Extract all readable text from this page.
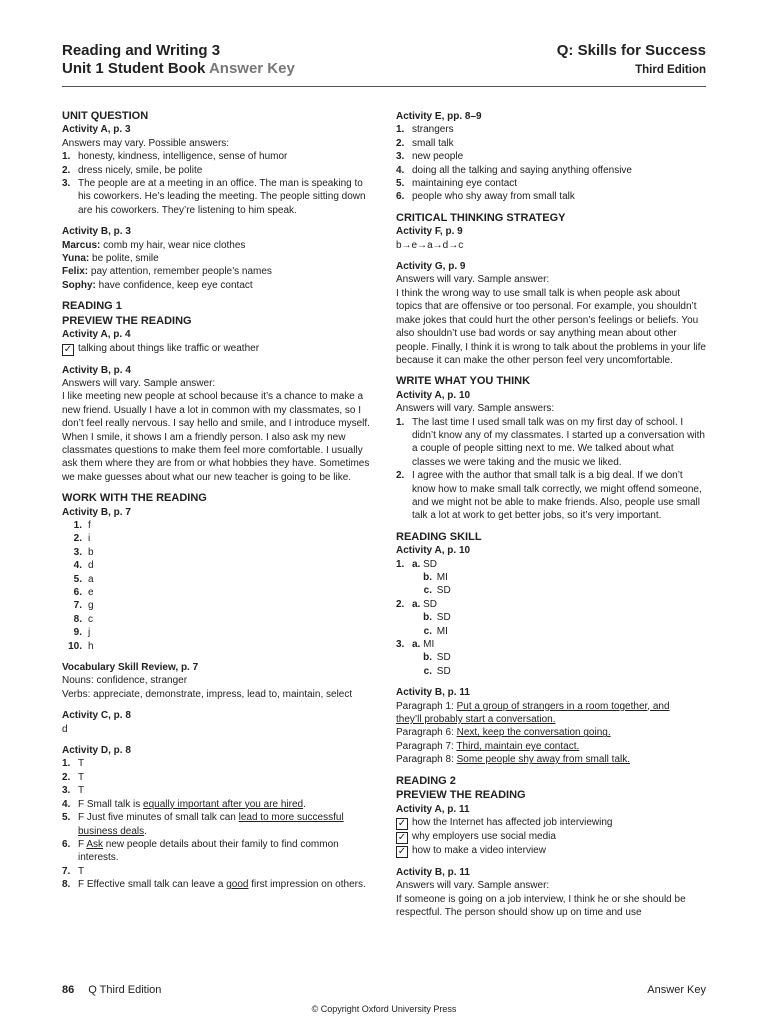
Reading and Writing 3
Unit 1 Student Book Answer Key
Q: Skills for Success
Third Edition
UNIT QUESTION
Activity A, p. 3
Answers may vary. Possible answers:
1. honesty, kindness, intelligence, sense of humor
2. dress nicely, smile, be polite
3. The people are at a meeting in an office. The man is speaking to his coworkers. He’s leading the meeting. The people sitting down are his coworkers. They’re listening to him speak.
Activity B, p. 3
Marcus: comb my hair, wear nice clothes
Yuna: be polite, smile
Felix: pay attention, remember people’s names
Sophy: have confidence, keep eye contact
READING 1
PREVIEW THE READING
Activity A, p. 4
✓ talking about things like traffic or weather
Activity B, p. 4
Answers will vary. Sample answer:
I like meeting new people at school because it’s a chance to make a new friend. Usually I have a lot in common with my classmates, so I don’t feel really nervous. I say hello and smile, and I introduce myself. When I smile, it shows I am a friendly person. I also ask my new classmates questions to make them feel more comfortable. I usually ask them where they are from or what hobbies they have. Sometimes we make guesses about what our new teacher is going to be like.
WORK WITH THE READING
Activity B, p. 7
1. f
2. i
3. b
4. d
5. a
6. e
7. g
8. c
9. j
10. h
Vocabulary Skill Review, p. 7
Nouns: confidence, stranger
Verbs: appreciate, demonstrate, impress, lead to, maintain, select
Activity C, p. 8
d
Activity D, p. 8
1. T
2. T
3. T
4. F Small talk is equally important after you are hired.
5. F Just five minutes of small talk can lead to more successful
business deals.
6. F Ask new people details about their family to find common interests.
7. T
8. F Effective small talk can leave a good first impression on others.
Activity E, pp. 8–9
1. strangers
2. small talk
3. new people
4. doing all the talking and saying anything offensive
5. maintaining eye contact
6. people who shy away from small talk
CRITICAL THINKING STRATEGY
Activity F, p. 9
b→e→a→d→c
Activity G, p. 9
Answers will vary. Sample answer:
I think the wrong way to use small talk is when people ask about topics that are offensive or too personal. For example, you shouldn’t make jokes that could hurt the other person’s feelings or beliefs. You also shouldn’t use bad words or say anything mean about other people. Finally, I think it is wrong to talk about the problems in your life because it can make the other person feel very uncomfortable.
WRITE WHAT YOU THINK
Activity A, p. 10
Answers will vary. Sample answers:
1. The last time I used small talk was on my first day of school. I didn’t know any of my classmates. I started up a conversation with a couple of people sitting next to me. We talked about what classes we were taking and the music we liked.
2. I agree with the author that small talk is a big deal. If we don’t know how to make small talk correctly, we might offend someone, and we might not be able to make friends. Also, people use small talk a lot at work to get better jobs, so it’s very important.
READING SKILL
Activity A, p. 10
1. a. SD
b. MI
c. SD
2. a. SD
b. SD
c. MI
3. a. MI
b. SD
c. SD
Activity B, p. 11
Paragraph 1: Put a group of strangers in a room together, and
they’ll probably start a conversation.
Paragraph 6: Next, keep the conversation going.
Paragraph 7: Third, maintain eye contact.
Paragraph 8: Some people shy away from small talk.
READING 2
PREVIEW THE READING
Activity A, p. 11
✓ how the Internet has affected job interviewing
✓ why employers use social media
✓ how to make a video interview
Activity B, p. 11
Answers will vary. Sample answer:
If someone is going on a job interview, I think he or she should be respectful. The person should show up on time and use
86 Q Third Edition	Answer Key
© Copyright Oxford University Press
